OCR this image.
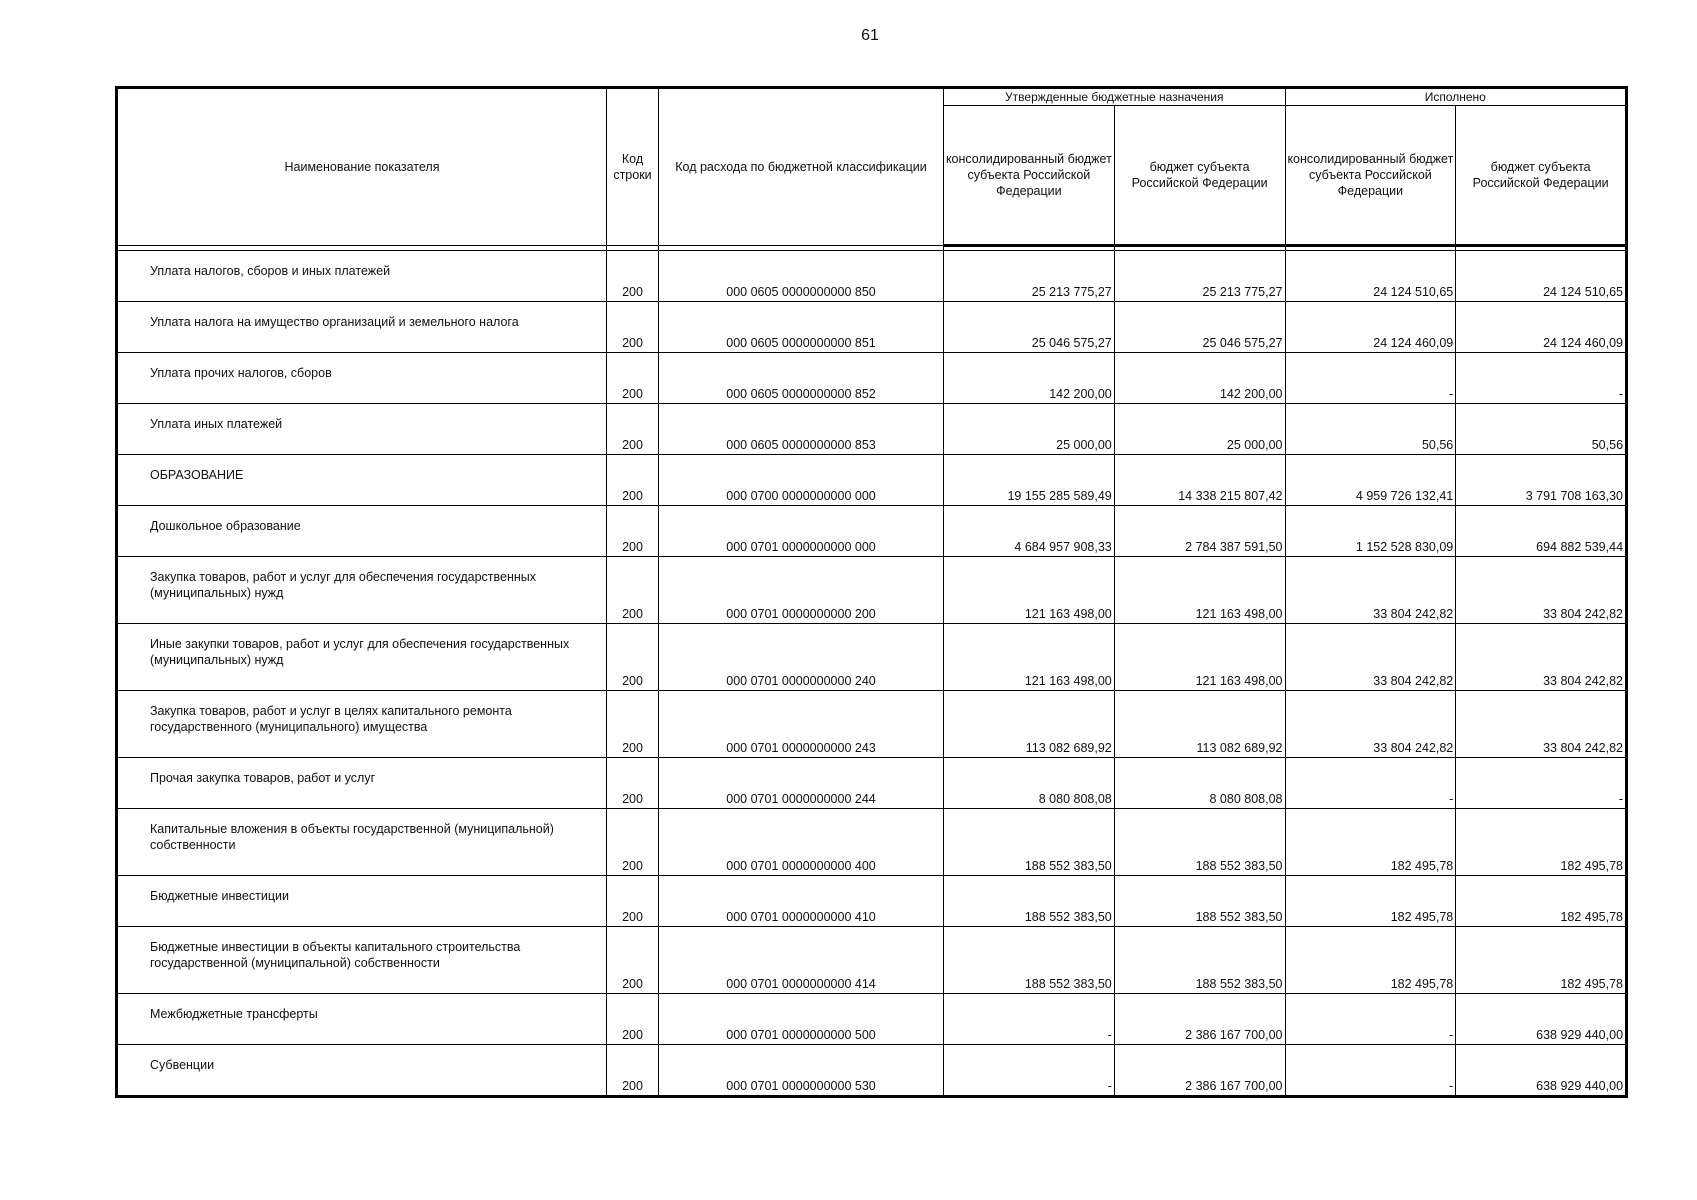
61
Наименование показателя	Код строки	Код расхода по бюджетной классификации	Утвержденные бюджетные назначения		Исполнено	
			консолидированный бюджет субъекта Российской Федерации	бюджет субъекта Российской Федерации	консолидированный бюджет субъекта Российской Федерации	бюджет субъекта Российской Федерации

Уплата налогов, сборов и иных платежей	200	000 0605 0000000000 850	25 213 775,27	25 213 775,27	24 124 510,65	24 124 510,65
Уплата налога на имущество организаций и земельного налога	200	000 0605 0000000000 851	25 046 575,27	25 046 575,27	24 124 460,09	24 124 460,09
Уплата прочих налогов, сборов	200	000 0605 0000000000 852	142 200,00	142 200,00	-	-
Уплата иных платежей	200	000 0605 0000000000 853	25 000,00	25 000,00	50,56	50,56
ОБРАЗОВАНИЕ	200	000 0700 0000000000 000	19 155 285 589,49	14 338 215 807,42	4 959 726 132,41	3 791 708 163,30
Дошкольное образование	200	000 0701 0000000000 000	4 684 957 908,33	2 784 387 591,50	1 152 528 830,09	694 882 539,44
Закупка товаров, работ и услуг для обеспечения государственных (муниципальных) нужд	200	000 0701 0000000000 200	121 163 498,00	121 163 498,00	33 804 242,82	33 804 242,82
Иные закупки товаров, работ и услуг для обеспечения государственных (муниципальных) нужд	200	000 0701 0000000000 240	121 163 498,00	121 163 498,00	33 804 242,82	33 804 242,82
Закупка товаров, работ и услуг в целях капитального ремонта государственного (муниципального) имущества	200	000 0701 0000000000 243	113 082 689,92	113 082 689,92	33 804 242,82	33 804 242,82
Прочая закупка товаров, работ и услуг	200	000 0701 0000000000 244	8 080 808,08	8 080 808,08	-	-
Капитальные вложения в объекты государственной (муниципальной) собственности	200	000 0701 0000000000 400	188 552 383,50	188 552 383,50	182 495,78	182 495,78
Бюджетные инвестиции	200	000 0701 0000000000 410	188 552 383,50	188 552 383,50	182 495,78	182 495,78
Бюджетные инвестиции в объекты капитального строительства государственной (муниципальной) собственности	200	000 0701 0000000000 414	188 552 383,50	188 552 383,50	182 495,78	182 495,78
Межбюджетные трансферты	200	000 0701 0000000000 500	-	2 386 167 700,00	-	638 929 440,00
Субвенции	200	000 0701 0000000000 530	-	2 386 167 700,00	-	638 929 440,00
